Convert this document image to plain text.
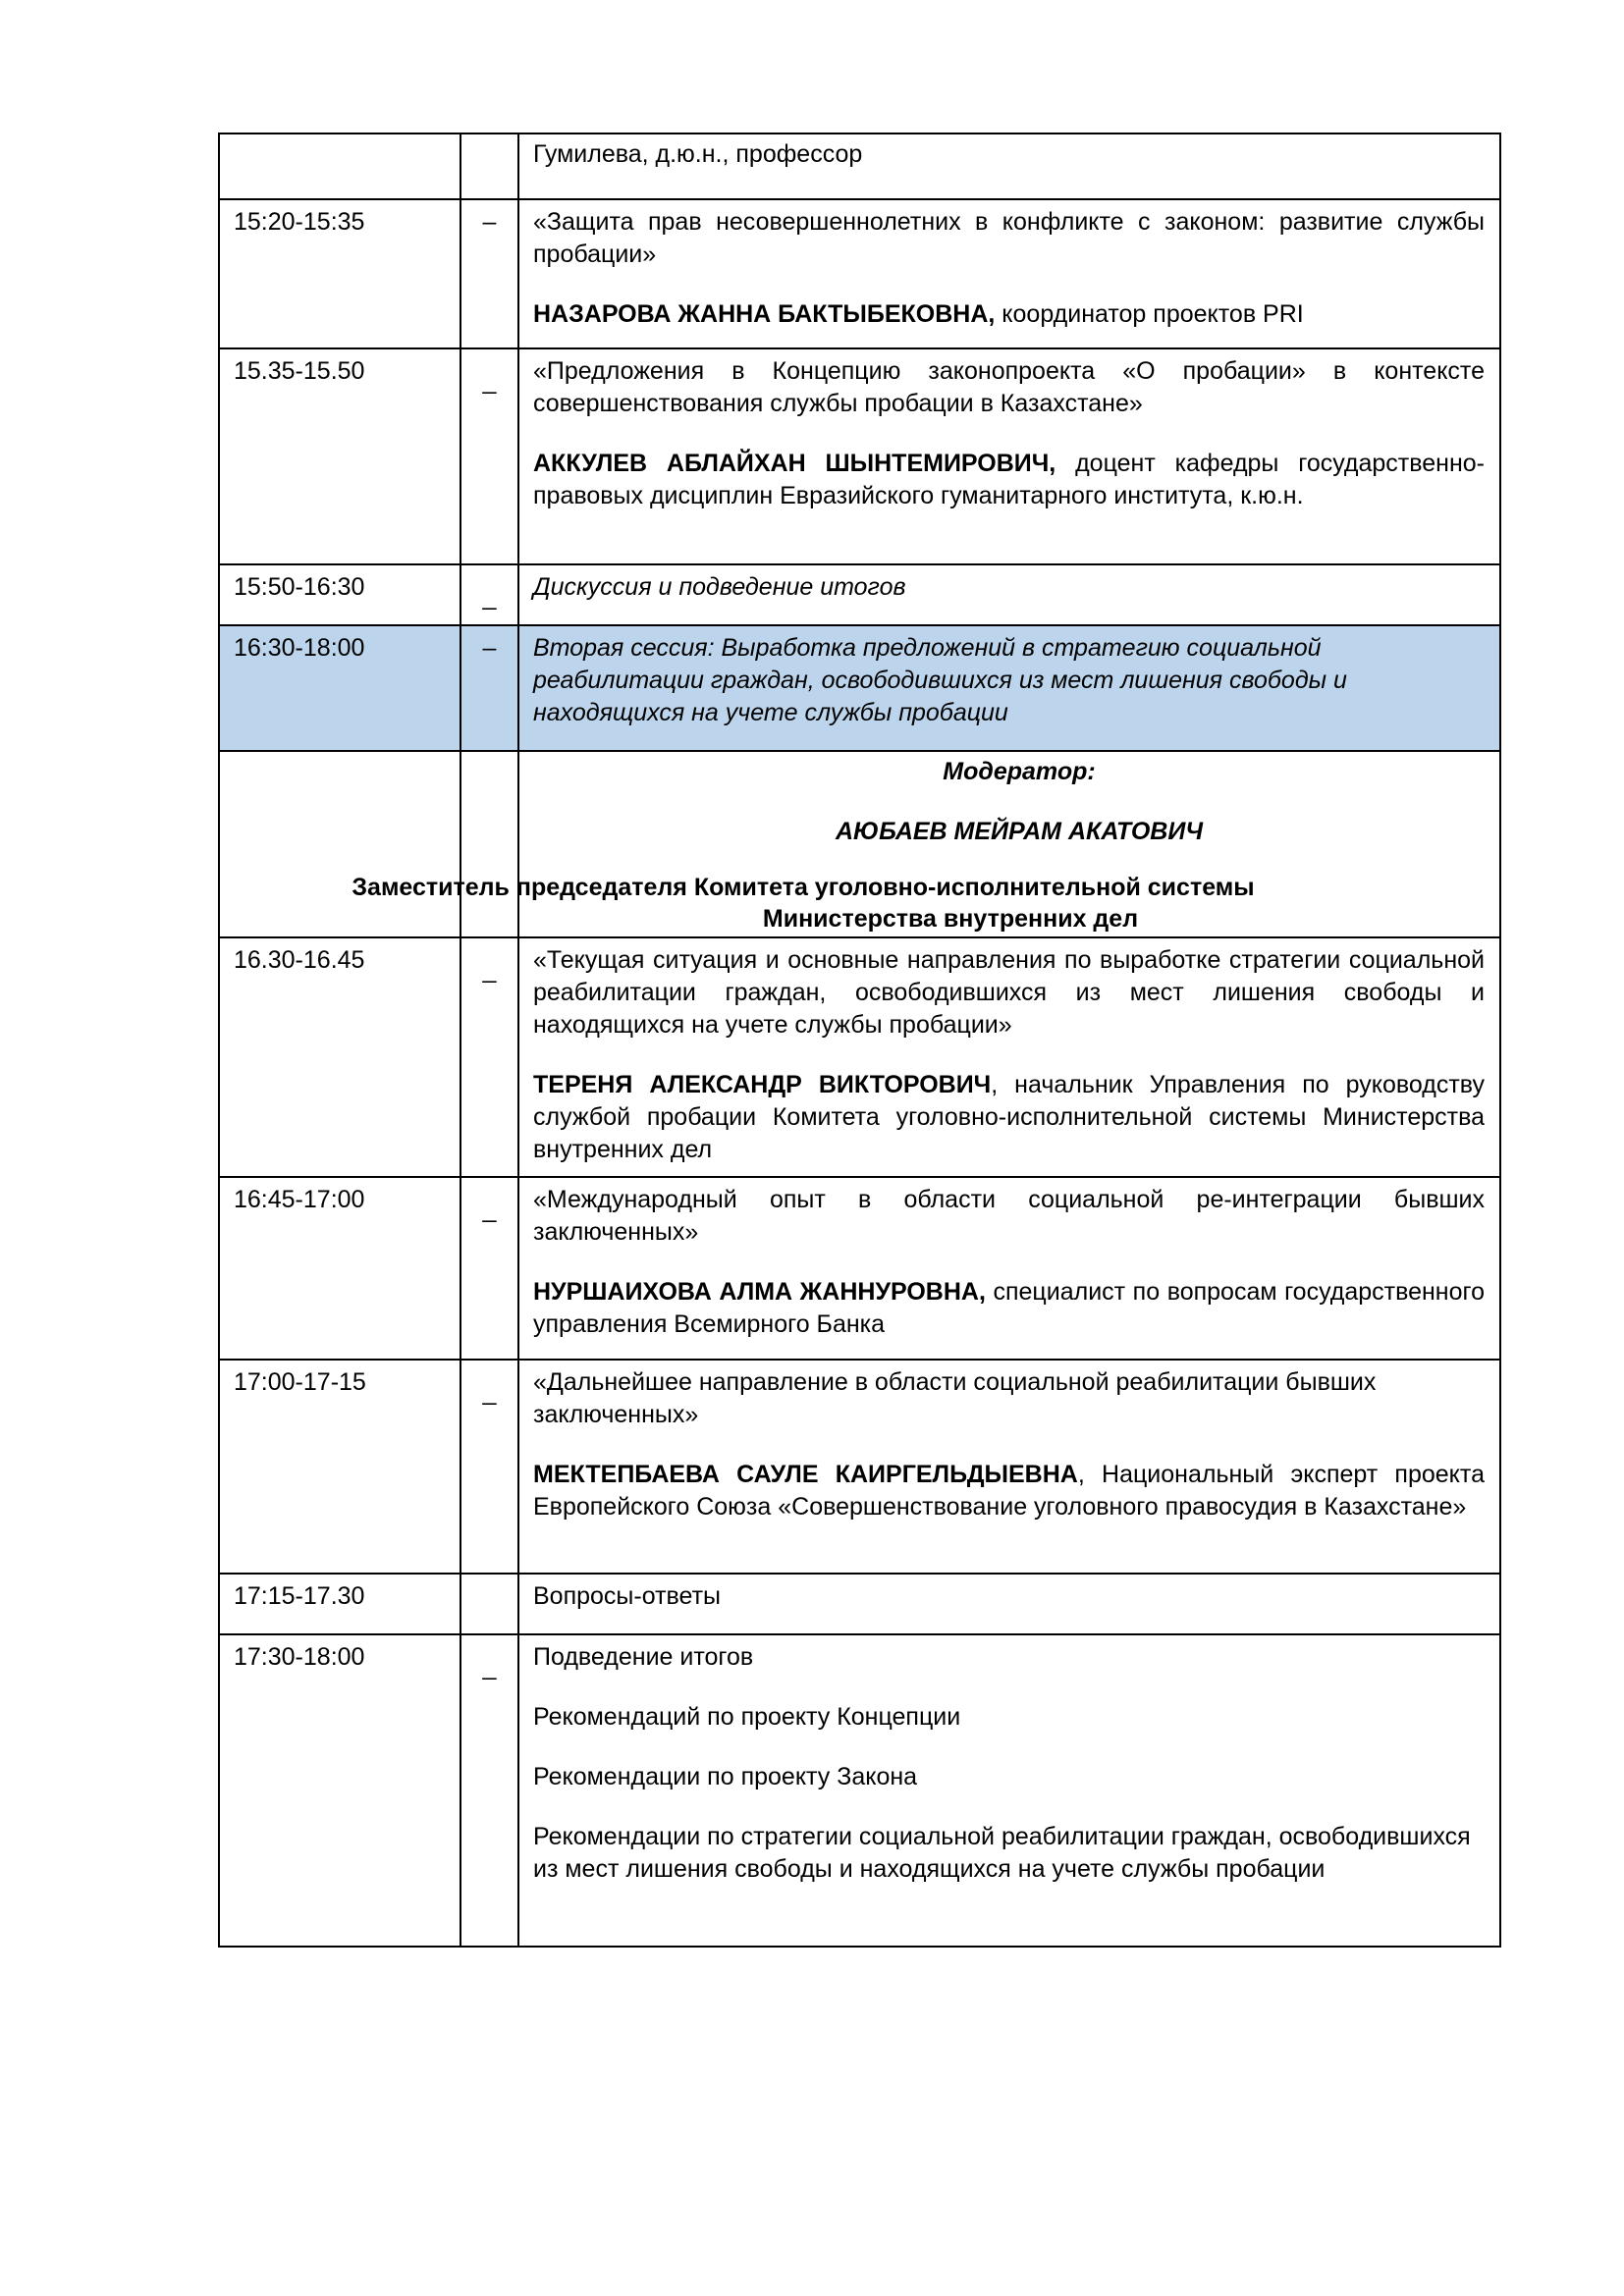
		Гумилева, д.ю.н., профессор

15:20-15:35	–	«Защита прав несовершеннолетних в конфликте с законом: развитие службы пробации»

НАЗАРОВА ЖАННА БАКТЫБЕКОВНА, координатор проектов PRI

15.35-15.50	_	«Предложения в Концепцию законопроекта «О пробации» в контексте совершенствования службы пробации в Казахстане»

АККУЛЕВ АБЛАЙХАН ШЫНТЕМИРОВИЧ, доцент кафедры государственно-правовых дисциплин Евразийского гуманитарного института, к.ю.н.

15:50-16:30	_	Дискуссия и подведение итогов

16:30-18:00	–	Вторая сессия: Выработка предложений в стратегию социальной реабилитации граждан, освободившихся из мест лишения свободы и находящихся на учете службы пробации

		Модератор:
АЮБАЕВ МЕЙРАМ АКАТОВИЧ
Заместитель председателя Комитета уголовно-исполнительной системы
Министерства внутренних дел

16.30-16.45	_	«Текущая ситуация и основные направления по выработке стратегии социальной реабилитации граждан, освободившихся из мест лишения свободы и находящихся на учете службы пробации»

ТЕРЕНЯ АЛЕКСАНДР ВИКТОРОВИЧ, начальник Управления по руководству службой пробации Комитета уголовно-исполнительной системы Министерства внутренних дел

16:45-17:00	_	«Международный опыт в области социальной ре-интеграции бывших заключенных»

НУРШАИХОВА АЛМА ЖАННУРОВНА, специалист по вопросам государственного управления Всемирного Банка

17:00-17-15	_	«Дальнейшее направление в области социальной реабилитации бывших заключенных»

МЕКТЕПБАЕВА САУЛЕ КАИРГЕЛЬДЫЕВНА, Национальный эксперт проекта Европейского Союза «Совершенствование уголовного правосудия в Казахстане»

17:15-17.30		Вопросы-ответы

17:30-18:00	_	Подведение итогов

Рекомендаций по проекту Концепции

Рекомендации по проекту Закона

Рекомендации по стратегии социальной реабилитации граждан, освободившихся из мест лишения свободы и находящихся на учете службы пробации
